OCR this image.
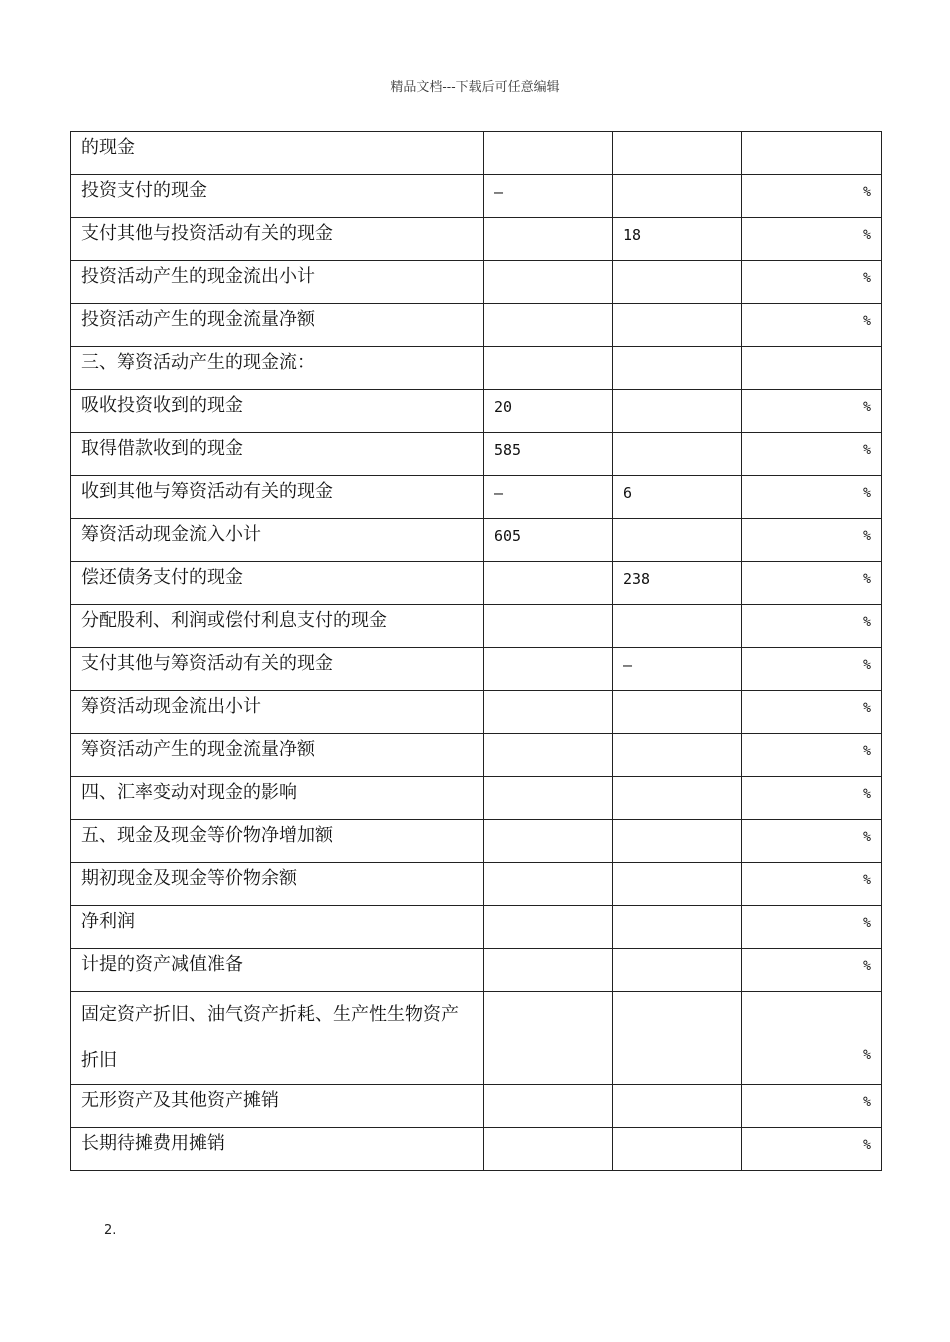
精品文档---下载后可任意编辑
的现金			

投资支付的现金	–		%

支付其他与投资活动有关的现金		18	%

投资活动产生的现金流出小计			%

投资活动产生的现金流量净额			%

三、筹资活动产生的现金流：			

吸收投资收到的现金	20		%

取得借款收到的现金	585		%

收到其他与筹资活动有关的现金	–	6	%

筹资活动现金流入小计	605		%

偿还债务支付的现金		238	%

分配股利、利润或偿付利息支付的现金			%

支付其他与筹资活动有关的现金		–	%

筹资活动现金流出小计			%

筹资活动产生的现金流量净额			%

四、汇率变动对现金的影响			%

五、现金及现金等价物净增加额			%

期初现金及现金等价物余额			%

净利润			%

计提的资产减值准备			%

固定资产折旧、油气资产折耗、生产性生物资产折旧			%

无形资产及其他资产摊销			%

长期待摊费用摊销			%
2.
